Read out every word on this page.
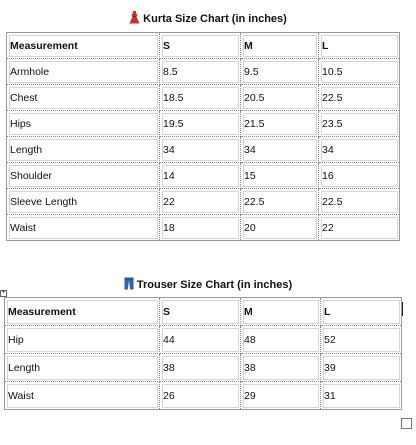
Kurta Size Chart (in inches)
Measurement	S	M	L
Armhole	8.5	9.5	10.5
Chest	18.5	20.5	22.5
Hips	19.5	21.5	23.5
Length	34	34	34
Shoulder	14	15	16
Sleeve Length	22	22.5	22.5
Waist	18	20	22
+
Trouser Size Chart (in inches)
Measurement	S	M	L
Hip	44	48	52
Length	38	38	39
Waist	26	29	31
